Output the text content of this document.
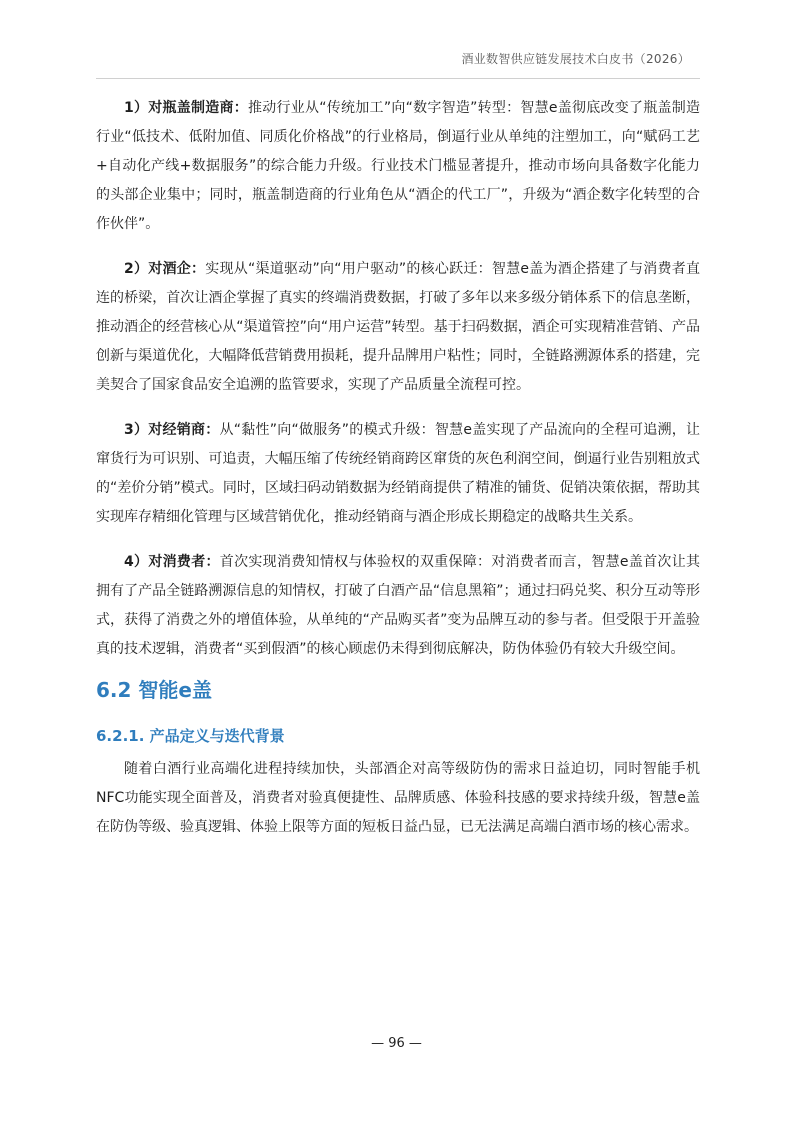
酒业数智供应链发展技术白皮书（2026）

1）对瓶盖制造商：推动行业从“传统加工”向“数字智造”转型：智慧e盖彻底改变了瓶盖制造行业“低技术、低附加值、同质化价格战”的行业格局，倒逼行业从单纯的注塑加工，向“赋码工艺+自动化产线+数据服务”的综合能力升级。行业技术门槛显著提升，推动市场向具备数字化能力的头部企业集中；同时，瓶盖制造商的行业角色从“酒企的代工厂”，升级为“酒企数字化转型的合作伙伴”。

2）对酒企：实现从“渠道驱动”向“用户驱动”的核心跃迁：智慧e盖为酒企搭建了与消费者直连的桥梁，首次让酒企掌握了真实的终端消费数据，打破了多年以来多级分销体系下的信息垄断，推动酒企的经营核心从“渠道管控”向“用户运营”转型。基于扫码数据，酒企可实现精准营销、产品创新与渠道优化，大幅降低营销费用损耗，提升品牌用户粘性；同时，全链路溯源体系的搭建，完美契合了国家食品安全追溯的监管要求，实现了产品质量全流程可控。

3）对经销商：从“黏性”向“做服务”的模式升级：智慧e盖实现了产品流向的全程可追溯，让窜货行为可识别、可追责，大幅压缩了传统经销商跨区窜货的灰色利润空间，倒逼行业告别粗放式的“差价分销”模式。同时，区域扫码动销数据为经销商提供了精准的铺货、促销决策依据，帮助其实现库存精细化管理与区域营销优化，推动经销商与酒企形成长期稳定的战略共生关系。

4）对消费者：首次实现消费知情权与体验权的双重保障：对消费者而言，智慧e盖首次让其拥有了产品全链路溯源信息的知情权，打破了白酒产品“信息黑箱”；通过扫码兑奖、积分互动等形式，获得了消费之外的增值体验，从单纯的“产品购买者”变为品牌互动的参与者。但受限于开盖验真的技术逻辑，消费者“买到假酒”的核心顾虑仍未得到彻底解决，防伪体验仍有较大升级空间。

6.2 智能e盖
6.2.1. 产品定义与迭代背景

随着白酒行业高端化进程持续加快，头部酒企对高等级防伪的需求日益迫切，同时智能手机NFC功能实现全面普及，消费者对验真便捷性、品牌质感、体验科技感的要求持续升级，智慧e盖在防伪等级、验真逻辑、体验上限等方面的短板日益凸显，已无法满足高端白酒市场的核心需求。

— 96 —
